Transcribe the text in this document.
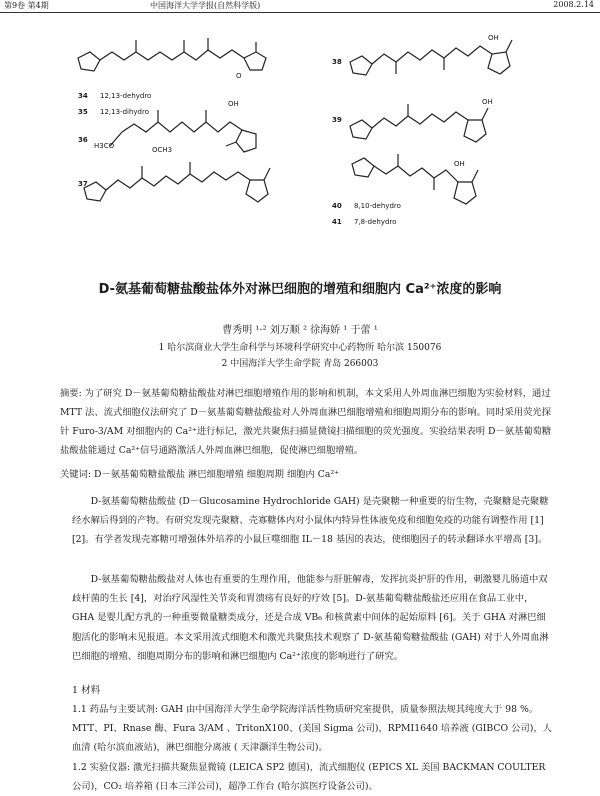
第9卷 第4期	中国海洋大学学报(自然科学版)	2008.2.14
O
OH
H3CO	OCH3
OH
OH
OH
34 12,13-dehydro
35 12,13-dihydro
36
37
38
39
40 8,10-dehydro
41 7,8-dehydro
D-氨基葡萄糖盐酸盐体外对淋巴细胞的增殖和细胞内 Ca²⁺浓度的影响
曹秀明 ¹·² 刘万顺 ² 徐海娇 ¹ 于蕾 ¹
1 哈尔滨商业大学生命科学与环境科学研究中心药物所 哈尔滨 150076
2 中国海洋大学生命学院 青岛 266003
摘要: 为了研究 D－氨基葡萄糖盐酸盐对淋巴细胞增殖作用的影响和机制，本文采用人外周血淋巴细胞为实验材料，通过 MTT 法、流式细胞仪法研究了 D－氨基葡萄糖盐酸盐对人外周血淋巴细胞增殖和细胞周期分布的影响。同时采用荧光探针 Furo-3/AM 对细胞内的 Ca²⁺进行标记，激光共聚焦扫描显微镜扫描细胞的荧光强度。实验结果表明 D－氨基葡萄糖盐酸盐能通过 Ca²⁺信号通路激活人外周血淋巴细胞，促使淋巴细胞增殖。
关键词: D－氨基葡萄糖盐酸盐 淋巴细胞增殖 细胞周期 细胞内 Ca²⁺
D-氨基葡萄糖盐酸盐 (D－Glucosamine Hydrochloride GAH) 是壳聚糖一种重要的衍生物，壳聚糖是壳聚糖经水解后得到的产物。有研究发现壳聚糖、壳寡糖体内对小鼠体内特异性体液免疫和细胞免疫的功能有调整作用 [1][2]。有学者发现壳寡糖可增强体外培养的小鼠巨噬细胞 IL－18 基因的表达，使细胞因子的转录翻译水平增高 [3]。
D-氨基葡萄糖盐酸盐对人体也有重要的生理作用，他能参与肝脏解毒，发挥抗炎护肝的作用，刺激婴儿肠道中双歧杆菌的生长 [4]，对治疗风湿性关节炎和胃溃疡有良好的疗效 [5]。D-氨基葡萄糖盐酸盐还应用在食品工业中，GHA 是婴儿配方乳的一种重要微量糖类成分，还是合成 VB₆ 和核黄素中间体的起始原料 [6]。关于 GHA 对淋巴细胞活化的影响未见报道。本文采用流式细胞术和激光共聚焦技术观察了 D-氨基葡萄糖盐酸盐 (GAH) 对于人外周血淋巴细胞的增殖、细胞周期分布的影响和淋巴细胞内 Ca²⁺浓度的影响进行了研究。
1 材料
1.1 药品与主要试剂: GAH 由中国海洋大学生命学院海洋活性物质研究室提供，质量参照法规其纯度大于 98 %。MTT、PI、Rnase 酶、Fura 3/AM 、TritonX100、(美国 Sigma 公司)，RPMI1640 培养液 (GIBCO 公司)，人血清 (哈尔滨血液站)，淋巴细胞分离液 ( 天津灏洋生物公司)。
1.2 实验仪器: 激光扫描共聚焦显微镜 (LEICA SP2 德国)，流式细胞仪 (EPICS XL 美国 BACKMAN COULTER 公司)，CO₂ 培养箱 (日本三洋公司)，超净工作台 (哈尔滨医疗设备公司)。
